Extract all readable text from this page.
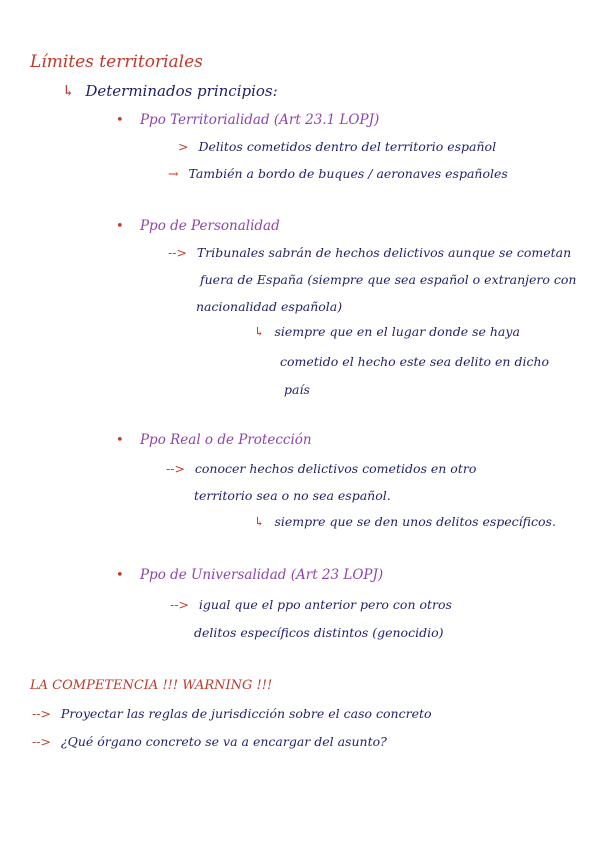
Límites territoriales
↳ Determinados principios:
• Ppo Territorialidad (Art 23.1 LOPJ)
> Delitos cometidos dentro del territorio español
→ También a bordo de buques / aeronaves españoles
• Ppo de Personalidad
--> Tribunales sabrán de hechos delictivos aunque se cometan
fuera de España (siempre que sea español o extranjero con
nacionalidad española)
↳ siempre que en el lugar donde se haya
cometido el hecho este sea delito en dicho
país
• Ppo Real o de Protección
--> conocer hechos delictivos cometidos en otro
territorio sea o no sea español.
↳ siempre que se den unos delitos específicos.
• Ppo de Universalidad (Art 23 LOPJ)
--> igual que el ppo anterior pero con otros
delitos específicos distintos (genocidio)
LA COMPETENCIA !!! WARNING !!!
--> Proyectar las reglas de jurisdicción sobre el caso concreto
--> ¿Qué órgano concreto se va a encargar del asunto?
